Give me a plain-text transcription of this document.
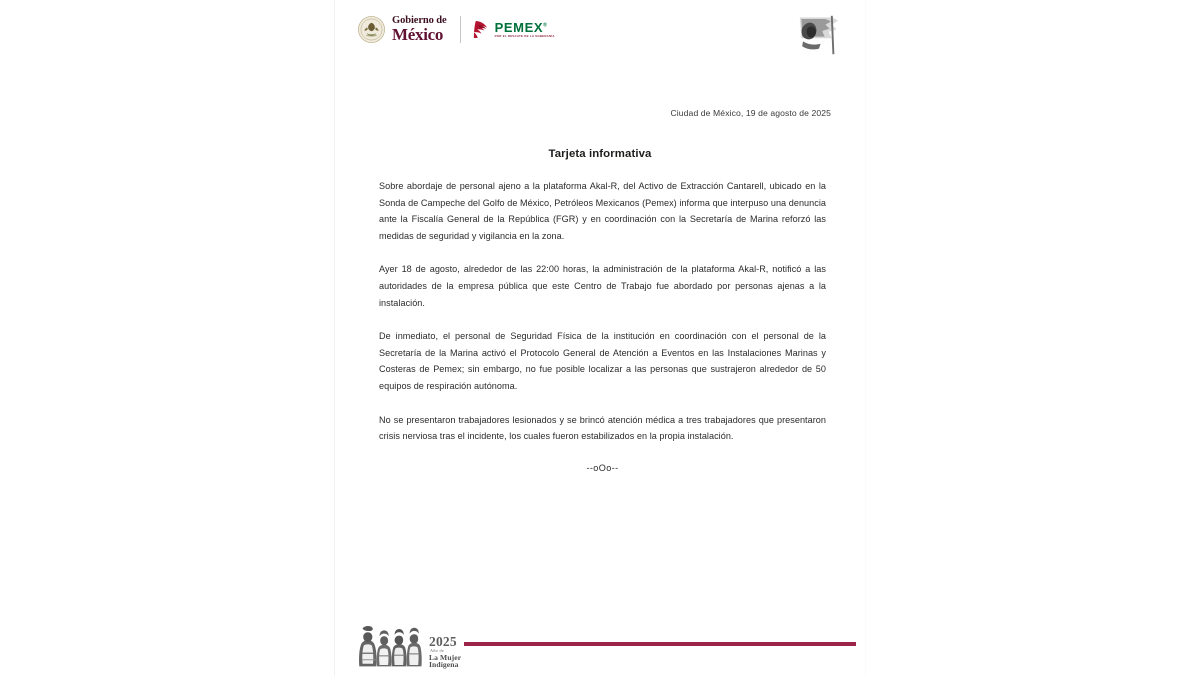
Gobierno de
México	PEMEX®
POR EL RESCATE DE LA SOBERANÍA
Ciudad de México, 19 de agosto de 2025
Tarjeta informativa

Sobre abordaje de personal ajeno a la plataforma Akal-R, del Activo de Extracción Cantarell, ubicado en la Sonda de Campeche del Golfo de México, Petróleos Mexicanos (Pemex) informa que interpuso una denuncia ante la Fiscalía General de la República (FGR) y en coordinación con la Secretaría de Marina reforzó las medidas de seguridad y vigilancia en la zona.

Ayer 18 de agosto, alrededor de las 22:00 horas, la administración de la plataforma Akal-R, notificó a las autoridades de la empresa pública que este Centro de Trabajo fue abordado por personas ajenas a la instalación.

De inmediato, el personal de Seguridad Física de la institución en coordinación con el personal de la Secretaría de la Marina activó el Protocolo General de Atención a Eventos en las Instalaciones Marinas y Costeras de Pemex; sin embargo, no fue posible localizar a las personas que sustrajeron alrededor de 50 equipos de respiración autónoma.

No se presentaron trabajadores lesionados y se brincó atención médica a tres trabajadores que presentaron crisis nerviosa tras el incidente, los cuales fueron estabilizados en la propia instalación.

--oOo--
2025
Año de
La Mujer
Indígena
